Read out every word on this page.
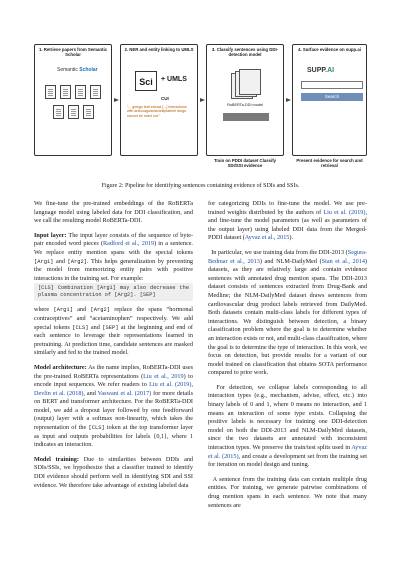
1. Retrieve papers from Semantic Scholar
Semantic Scholar
2. NER and entity linking to UMLS
Sci	+ UMLS
CUI
"... ginkgo leaf extract [...] interactions with anticoagulants/antiplatelet drugs cannot be ruled out."
3. Classify sentences using DDI-detection model
RoBERTa-DDI model
4. Surface evidence on supp.ai
SUPP.AI
Search
Train on PDDI dataset Classify SDI/SSI evidence
Present evidence for search and retrieval
Figure 2: Pipeline for identifying sentences containing evidence of SDIs and SSIs.

We fine-tune the pre-trained embeddings of the RoBERTa language model using labeled data for DDI classification, and we call the resulting model RoBERTa-DDI.

Input layer: The input layer consists of the sequence of byte-pair encoded word pieces (Radford et al., 2019) in a sentence. We replace entity mention spans with the special tokens [Arg1] and [Arg2]. This helps generalization by preventing the model from memorizing entity pairs with positive interactions in the training set. For example:

[CLS] Combination [Arg1] may also decrease the plasma concentration of [Arg2]. [SEP]

where [Arg1] and [Arg2] replace the spans “hormonal contraceptives” and “acetaminophen” respectively. We add special tokens [CLS] and [SEP] at the beginning and end of each sentence to leverage their representations learned in pretraining. At prediction time, candidate sentences are masked similarly and fed to the trained model.

Model architecture: As the name implies, RoBERTa-DDI uses the pre-trained RoBERTa representations (Liu et al., 2019) to encode input sequences. We refer readers to Liu et al. (2019), Devlin et al. (2018), and Vaswani et al. (2017) for more details on BERT and transformer architecture. For the RoBERTa-DDI model, we add a dropout layer followed by one feedforward (output) layer with a softmax non-linearity, which takes the representation of the [CLS] token at the top transformer layer as input and outputs probabilities for labels {0,1}, where 1 indicates an interaction.

Model training: Due to similarities between DDIs and SDIs/SSIs, we hypothesize that a classifier trained to identify DDI evidence should perform well in identifying SDI and SSI evidence. We therefore take advantage of existing labeled data

for categorizing DDIs to fine-tune the model. We use pre-trained weights distributed by the authors of Liu et al. (2019), and fine-tune the model parameters (as well as parameters of the output layer) using labeled DDI data from the Merged-PDDI dataset (Ayvaz et al., 2015).

In particular, we use training data from the DDI-2013 (Segura-Bedmar et al., 2013) and NLM-DailyMed (Stan et al., 2014) datasets, as they are relatively large and contain evidence sentences with annotated drug mention spans. The DDI-2013 dataset consists of sentences extracted from Drug-Bank and Medline; the NLM-DailyMed dataset draws sentences from cardiovascular drug product labels retrieved from DailyMed. Both datasets contain multi-class labels for different types of interactions. We distinguish between detection, a binary classification problem where the goal is to determine whether an interaction exists or not, and multi-class classification, where the goal is to determine the type of interaction. In this work, we focus on detection, but provide results for a variant of our model trained on classification that obtains SOTA performance compared to prior work.

For detection, we collapse labels corresponding to all interaction types (e.g., mechanism, advise, effect, etc.) into binary labels of 0 and 1, where 0 means no interaction, and 1 means an interaction of some type exists. Collapsing the positive labels is necessary for training one DDI-detection model on both the DDI-2013 and NLM-DailyMed datasets, since the two datasets are annotated with inconsistent interaction types. We preserve the train/test splits used in Ayvaz et al. (2015), and create a development set from the training set for iteration on model design and tuning.

A sentence from the training data can contain multiple drug entities. For training, we generate pairwise combinations of drug mention spans in each sentence. We note that many sentences are
